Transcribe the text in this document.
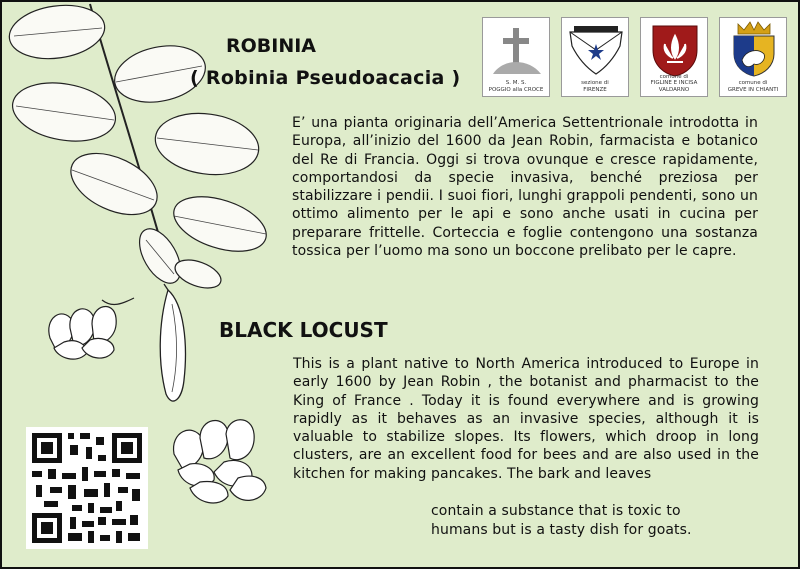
ROBINIA
( Robinia Pseudoacacia )	S. M. S.
POGGIO alla CROCE
sezione di
FIRENZE
comune di
FIGLINE E INCISA VALDARNO
comune di
GREVE IN CHIANTI
E’ una pianta originaria dell’America Settentrionale introdotta in Europa, all’inizio del 1600 da Jean Robin, farmacista e botanico del Re di Francia. Oggi si trova ovunque e cresce rapidamente, comportandosi da specie invasiva, benché preziosa per stabilizzare i pendii. I suoi fiori, lunghi grappoli pendenti, sono un ottimo alimento per le api e sono anche usati in cucina per preparare frittelle. Corteccia e foglie contengono una sostanza tossica per l’uomo ma sono un boccone prelibato per le capre.
BLACK LOCUST
This is a plant native to North America introduced to Europe in early 1600 by Jean Robin , the botanist and pharmacist to the King of France . Today it is found everywhere and is growing rapidly as it behaves as an invasive species, although it is valuable to stabilize slopes. Its flowers, which droop in long clusters, are an excellent food for bees and are also used in the kitchen for making pancakes. The bark and leaves
contain a substance that is toxic to
humans but is a tasty dish for goats.
